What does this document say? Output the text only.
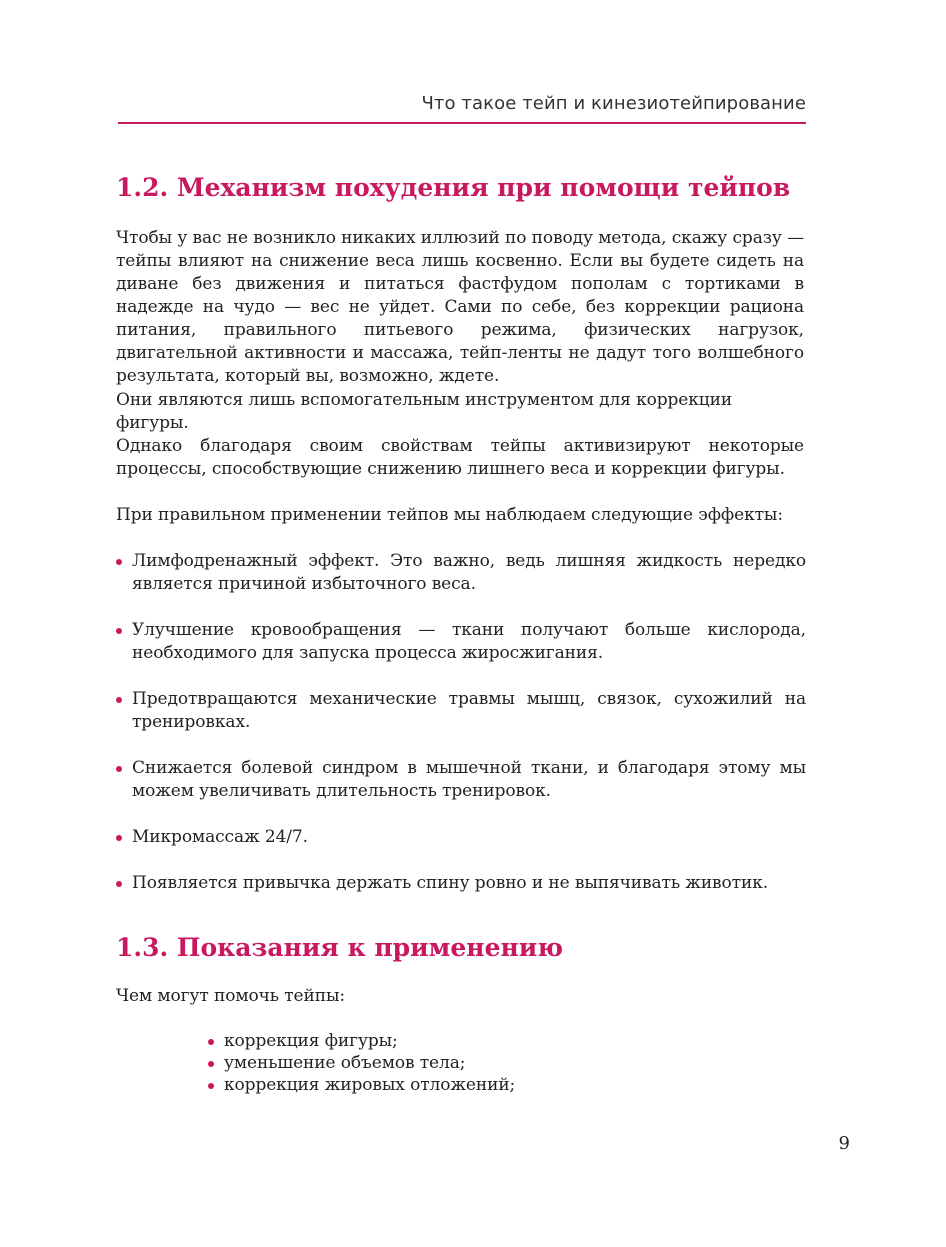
Что такое тейп и кинезиотейпирование
1.2. Механизм похудения при помощи тейпов
Чтобы у вас не возникло никаких иллюзий по поводу метода, скажу сразу — тейпы влияют на снижение веса лишь косвенно. Если вы будете сидеть на диване без движения и питаться фастфудом пополам с тортиками в надежде на чудо — вес не уйдет. Сами по себе, без коррекции рациона питания, правильного питьевого режима, физических нагрузок, двигательной активности и массажа, тейп-ленты не дадут того волшебного результата, который вы, возможно, ждете.
Они являются лишь вспомогательным инструментом для коррекции фигуры.
Однако благодаря своим свойствам тейпы активизируют некоторые процессы, способствующие снижению лишнего веса и коррекции фигуры.
При правильном применении тейпов мы наблюдаем следующие эффекты:
Лимфодренажный эффект. Это важно, ведь лишняя жидкость нередко является причиной избыточного веса.
Улучшение кровообращения — ткани получают больше кислорода, необходимого для запуска процесса жиросжигания.
Предотвращаются механические травмы мышц, связок, сухожилий на тренировках.
Снижается болевой синдром в мышечной ткани, и благодаря этому мы можем увеличивать длительность тренировок.
Микромассаж 24/7.
Появляется привычка держать спину ровно и не выпячивать животик.
1.3. Показания к применению
Чем могут помочь тейпы:
коррекция фигуры;
уменьшение объемов тела;
коррекция жировых отложений;
9
